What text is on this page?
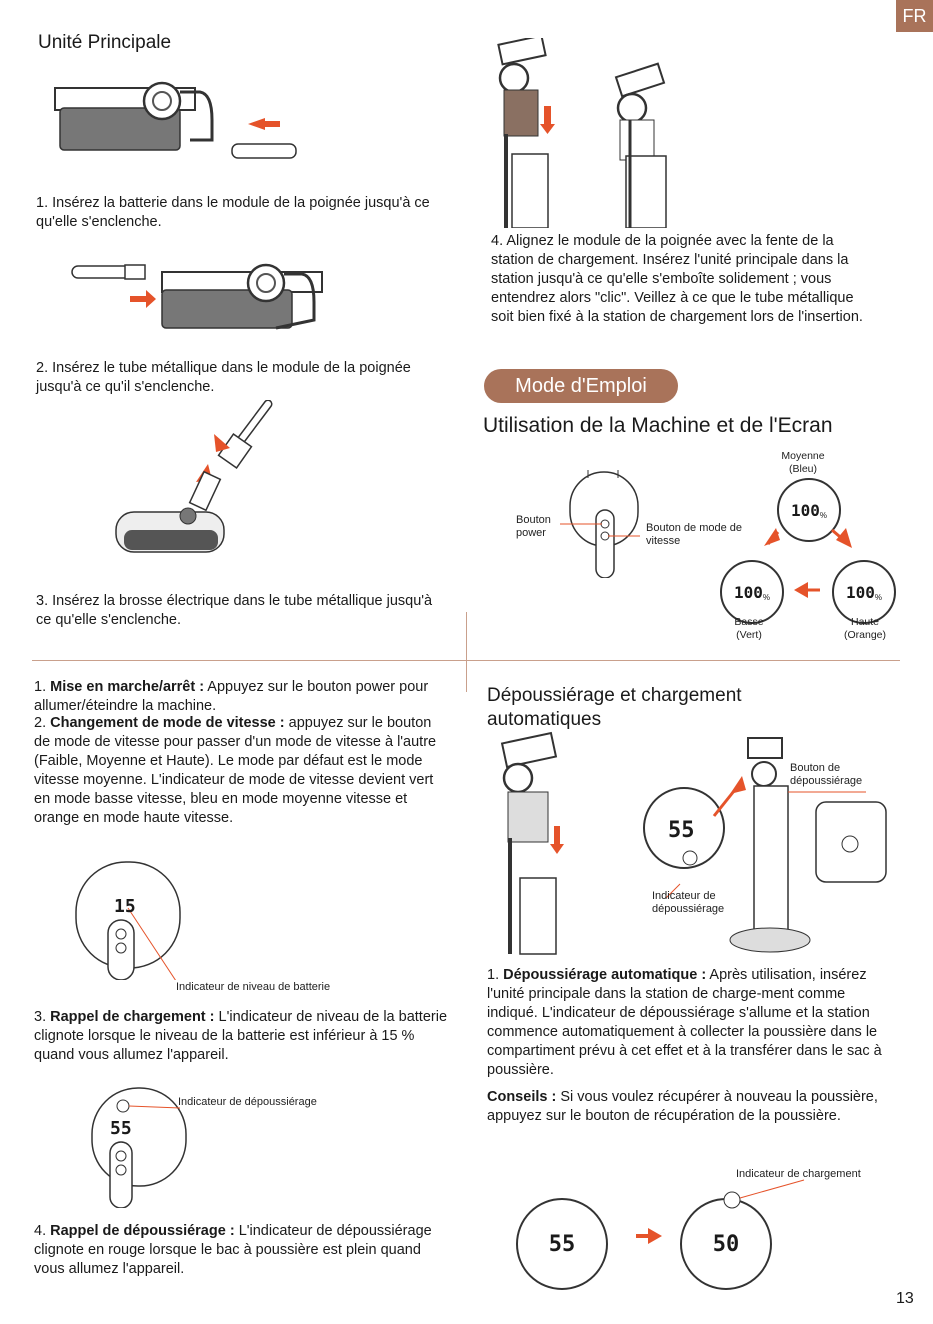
FR
Unité Principale
1. Insérez la batterie dans le module de la poignée jusqu'à ce qu'elle s'enclenche.
2. Insérez le tube métallique dans le module de la poignée jusqu'à ce qu'il s'enclenche.
3. Insérez la brosse électrique dans le tube métallique jusqu'à ce qu'elle s'enclenche.
4. Alignez le module de la poignée avec la fente de la station de chargement. Insérez l'unité principale dans la station jusqu'à ce qu'elle s'emboîte solidement ; vous entendrez alors "clic". Veillez à ce que le tube métallique soit bien fixé à la station de chargement lors de l'insertion.
Mode d'Emploi
Utilisation de la Machine et de l'Ecran
Bouton power	Bouton de mode de vitesse
Moyenne
(Bleu)
100 %
100 %	100 %
Basse
(Vert)
Haute
(Orange)
1. Mise en marche/arrêt : Appuyez sur le bouton power pour allumer/éteindre la machine.
2. Changement de mode de vitesse : appuyez sur le bouton de mode de vitesse pour passer d'un mode de vitesse à l'autre (Faible, Moyenne et Haute). Le mode par défaut est le mode vitesse moyenne. L'indicateur de mode de vitesse devient vert en mode basse vitesse, bleu en mode moyenne vitesse et orange en mode haute vitesse.
15
Indicateur de niveau de batterie
3. Rappel de chargement : L'indicateur de niveau de la batterie clignote lorsque le niveau de la batterie est inférieur à 15 % quand vous allumez l'appareil.
55
Indicateur de dépoussiérage
4. Rappel de dépoussiérage : L'indicateur de dépoussiérage clignote en rouge lorsque le bac à poussière est plein quand vous allumez l'appareil.
Dépoussiérage et chargement
automatiques
55
Bouton de dépoussiérage
Indicateur de dépoussiérage
1. Dépoussiérage automatique : Après utilisation, insérez l'unité principale dans la station de charge-ment comme indiqué. L'indicateur de dépoussiérage s'allume et la station commence automatiquement à collecter la poussière dans le compartiment prévu à cet effet et à la transférer dans le sac à poussière.
Conseils : Si vous voulez récupérer à nouveau la poussière, appuyez sur le bouton de récupération de la poussière.
Indicateur de chargement
55	50
13
